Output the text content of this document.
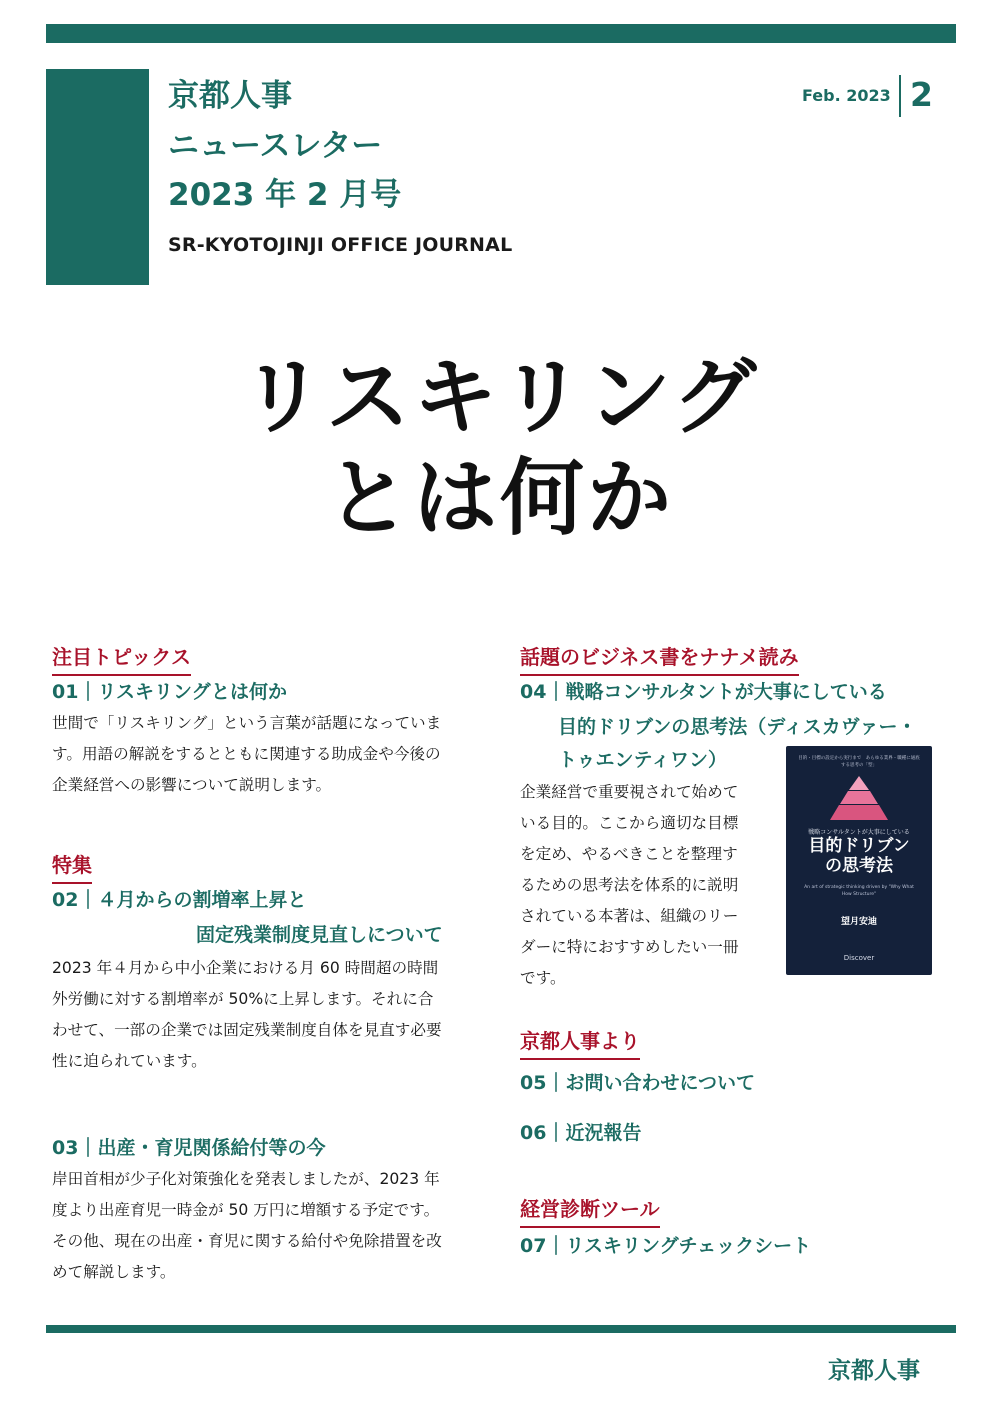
京都人事
ニュースレター
2023 年 2 月号
SR-KYOTOJINJI OFFICE JOURNAL
Feb. 2023 2
リスキリング
とは何か
注目トピックス
01｜リスキリングとは何か
世間で「リスキリング」という言葉が話題になっていま
す。用語の解説をするとともに関連する助成金や今後の
企業経営への影響について説明します。
特集
02｜４月からの割増率上昇と
固定残業制度見直しについて
2023 年４月から中小企業における月 60 時間超の時間
外労働に対する割増率が 50%に上昇します。それに合
わせて、一部の企業では固定残業制度自体を見直す必要
性に迫られています。
03｜出産・育児関係給付等の今
岸田首相が少子化対策強化を発表しましたが、2023 年
度より出産育児一時金が 50 万円に増額する予定です。
その他、現在の出産・育児に関する給付や免除措置を改
めて解説します。
話題のビジネス書をナナメ読み
04｜戦略コンサルタントが大事にしている
目的ドリブンの思考法（ディスカヴァー・
トゥエンティワン）
企業経営で重要視されて始めて
いる目的。ここから適切な目標
を定め、やるべきことを整理す
るための思考法を体系的に説明
されている本著は、組織のリー
ダーに特におすすめしたい一冊
です。
目的・目標の設定から実行まで　あらゆる業界・職種に通底する思考の「型」
戦略コンサルタントが大事にしている
目的ドリブン
の思考法
An art of strategic thinking driven by "Why What How Structure"
望月安迪
Discover
京都人事より
05｜お問い合わせについて
06｜近況報告
経営診断ツール
07｜リスキリングチェックシート
京都人事
